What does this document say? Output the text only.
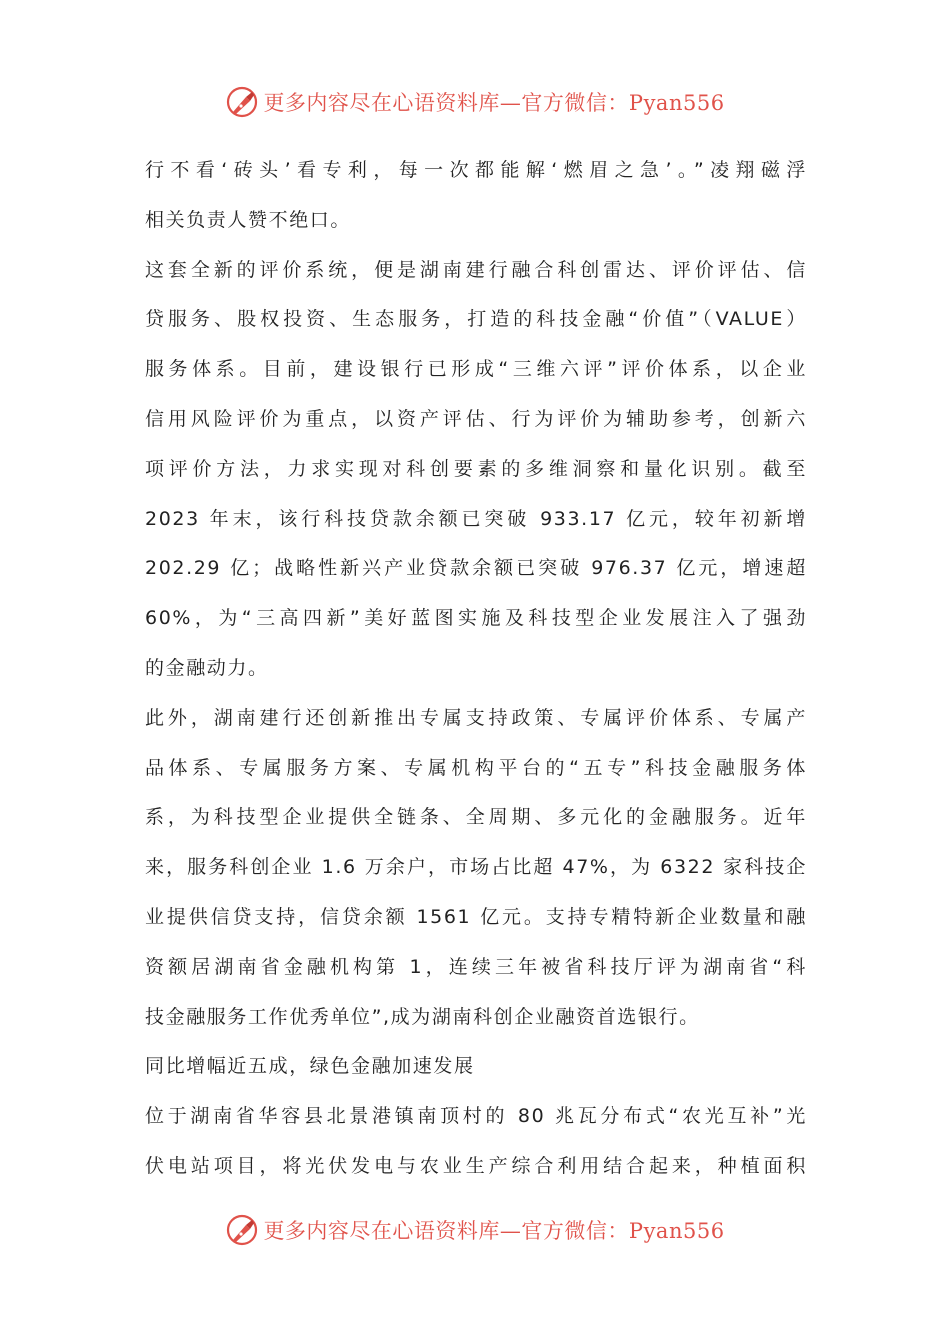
更多内容尽在心语资料库—官方微信：Pyan556
行不看‘砖头’看专利，每一次都能解‘燃眉之急’。”凌翔磁浮
相关负责人赞不绝口。
这套全新的评价系统，便是湖南建行融合科创雷达、评价评估、信
贷服务、股权投资、生态服务，打造的科技金融“价值”（VALUE）
服务体系。目前，建设银行已形成“三维六评”评价体系，以企业
信用风险评价为重点，以资产评估、行为评价为辅助参考，创新六
项评价方法，力求实现对科创要素的多维洞察和量化识别。截至
2023 年末，该行科技贷款余额已突破 933.17 亿元，较年初新增
202.29 亿；战略性新兴产业贷款余额已突破 976.37 亿元，增速超
60%，为“三高四新”美好蓝图实施及科技型企业发展注入了强劲
的金融动力。
此外，湖南建行还创新推出专属支持政策、专属评价体系、专属产
品体系、专属服务方案、专属机构平台的“五专”科技金融服务体
系，为科技型企业提供全链条、全周期、多元化的金融服务。近年
来，服务科创企业 1.6 万余户，市场占比超 47%，为 6322 家科技企
业提供信贷支持，信贷余额 1561 亿元。支持专精特新企业数量和融
资额居湖南省金融机构第 1，连续三年被省科技厅评为湖南省“科
技金融服务工作优秀单位”,成为湖南科创企业融资首选银行。
同比增幅近五成，绿色金融加速发展
位于湖南省华容县北景港镇南顶村的 80 兆瓦分布式“农光互补”光
伏电站项目，将光伏发电与农业生产综合利用结合起来，种植面积
更多内容尽在心语资料库—官方微信：Pyan556
